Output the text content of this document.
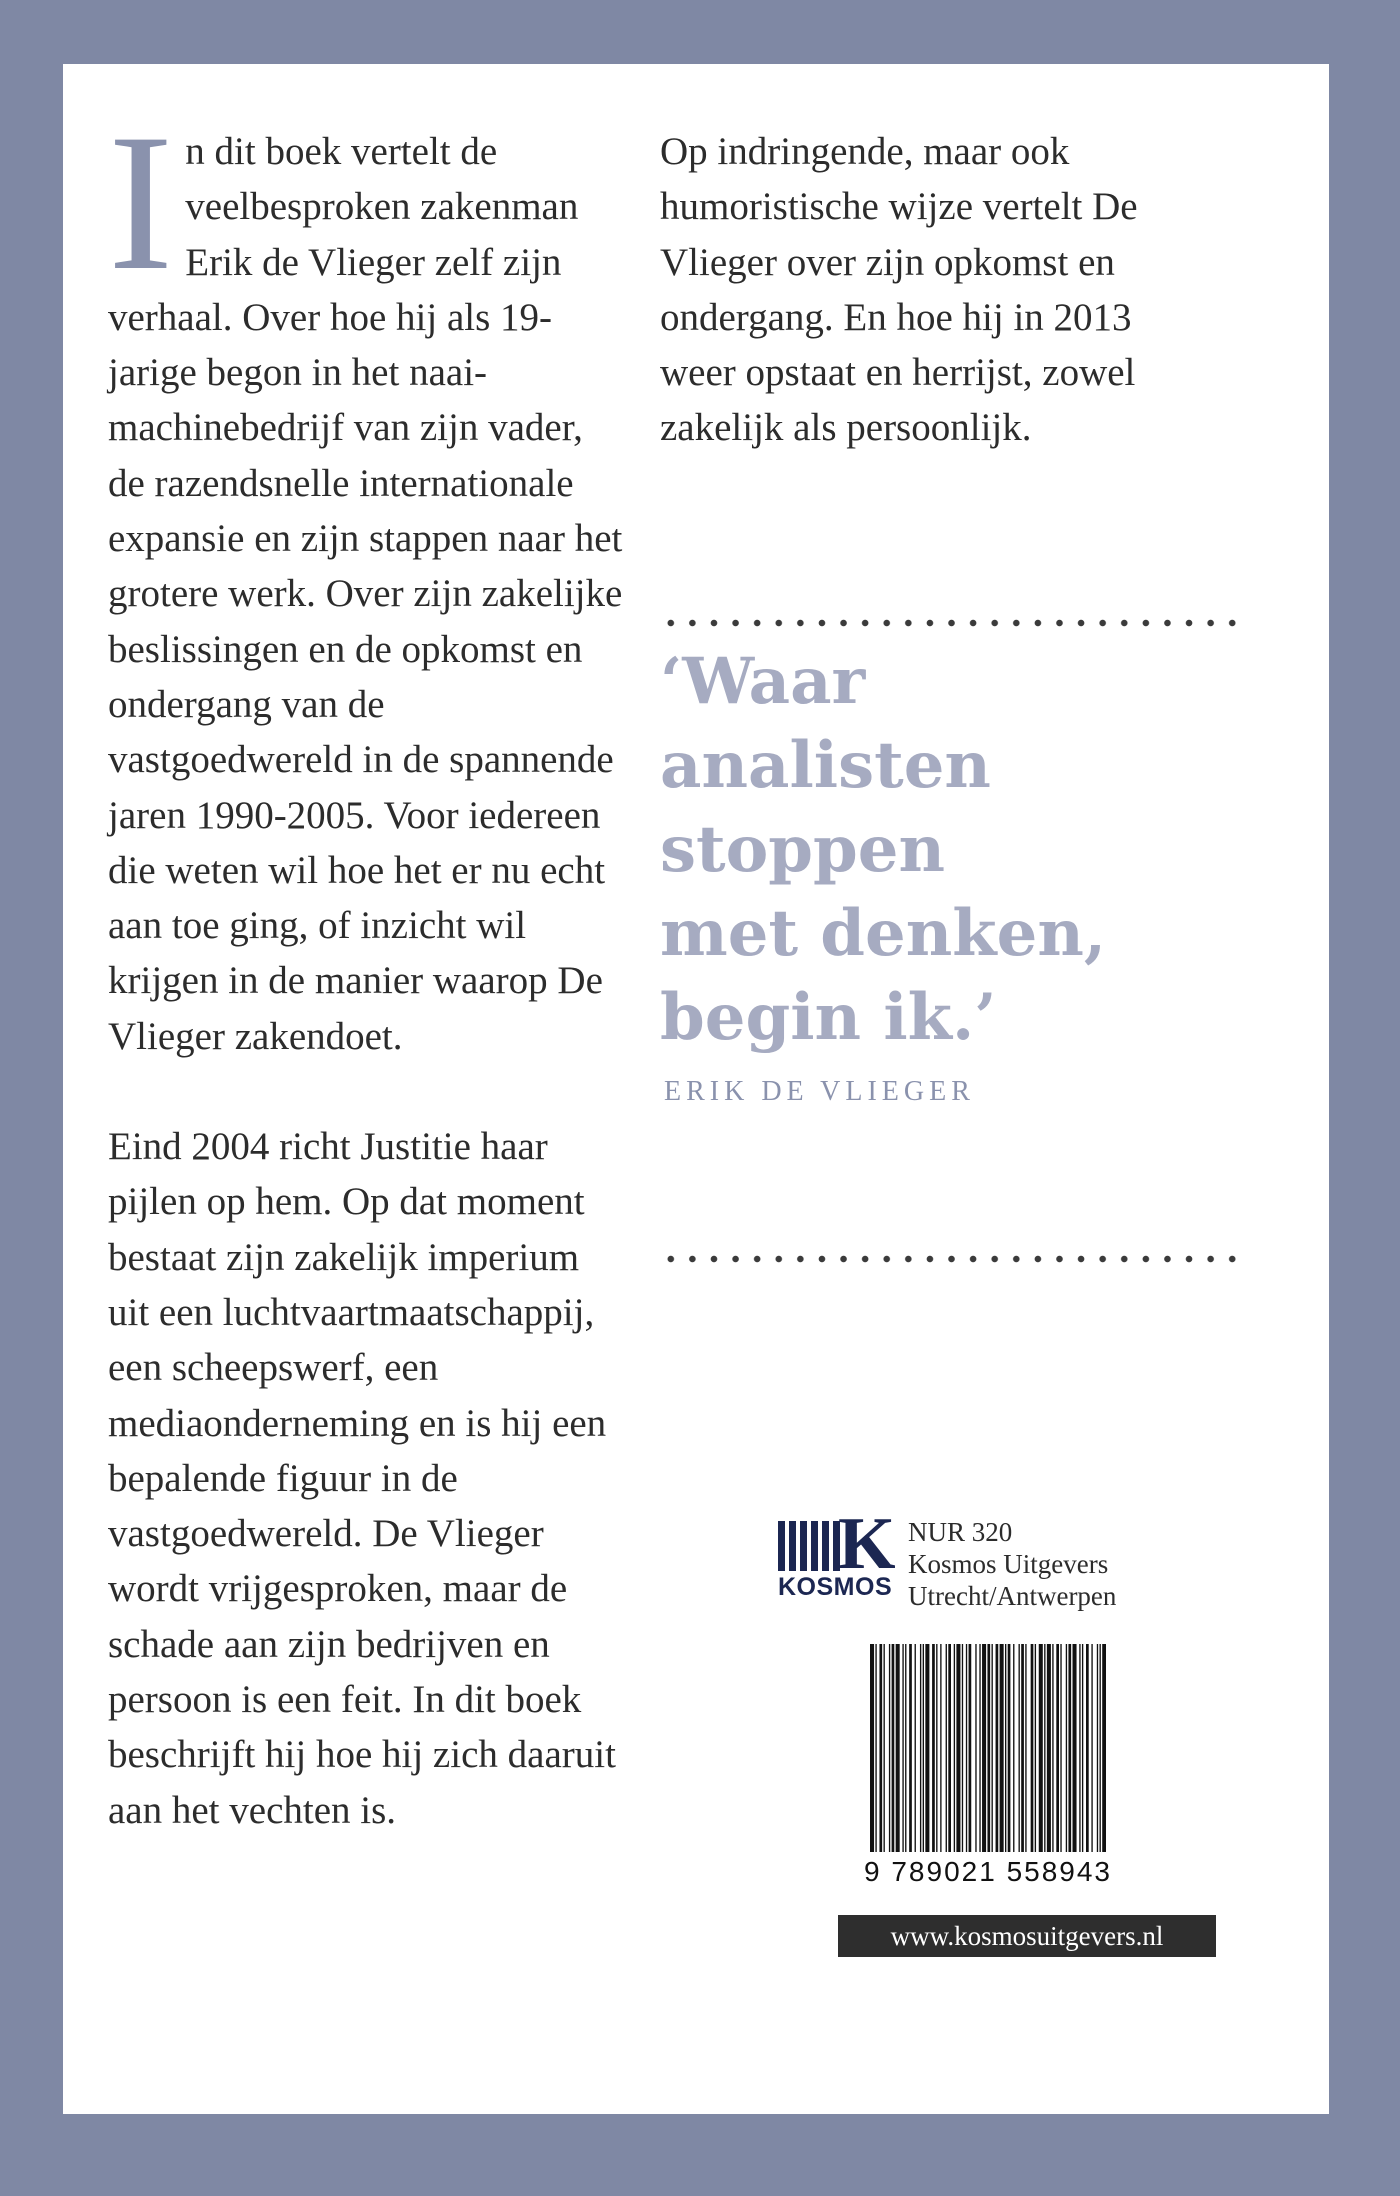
In dit boek vertelt de veelbesproken zakenman Erik de Vlieger zelf zijn verhaal. Over hoe hij als 19-jarige begon in het naaimachinebedrijf van zijn vader, de razendsnelle internationale expansie en zijn stappen naar het grotere werk. Over zijn zakelijke beslissingen en de opkomst en ondergang van de vastgoedwereld in de spannende jaren 1990-2005. Voor iedereen die weten wil hoe het er nu echt aan toe ging, of inzicht wil krijgen in de manier waarop De Vlieger zakendoet.

Eind 2004 richt Justitie haar pijlen op hem. Op dat moment bestaat zijn zakelijk imperium uit een luchtvaartmaatschappij, een scheepswerf, een mediaonderneming en is hij een bepalende figuur in de vastgoedwereld. De Vlieger wordt vrijgesproken, maar de schade aan zijn bedrijven en persoon is een feit. In dit boek beschrijft hij hoe hij zich daaruit aan het vechten is.

Op indringende, maar ook humoristische wijze vertelt De Vlieger over zijn opkomst en ondergang. En hoe hij in 2013 weer opstaat en herrijst, zowel zakelijk als persoonlijk.

‘Waar
analisten
stoppen
met denken,
begin ik.’
ERIK DE VLIEGER
K
KOSMOS
NUR 320
Kosmos Uitgevers
Utrecht/Antwerpen
9 789021 558943
www.kosmosuitgevers.nl
